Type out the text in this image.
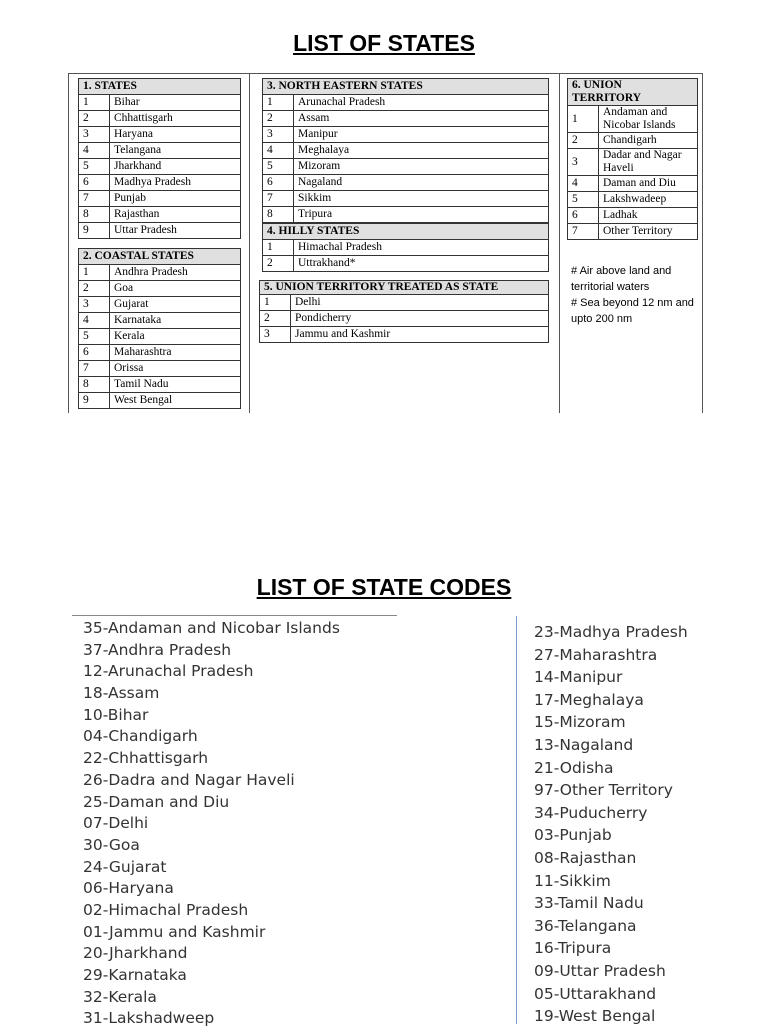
LIST OF STATES
1. STATES	
1	Bihar
2	Chhattisgarh
3	Haryana
4	Telangana
5	Jharkhand
6	Madhya Pradesh
7	Punjab
8	Rajasthan
9	Uttar Pradesh
2. COASTAL STATES	
1	Andhra Pradesh
2	Goa
3	Gujarat
4	Karnataka
5	Kerala
6	Maharashtra
7	Orissa
8	Tamil Nadu
9	West Bengal
3. NORTH EASTERN STATES	
1	Arunachal Pradesh
2	Assam
3	Manipur
4	Meghalaya
5	Mizoram
6	Nagaland
7	Sikkim
8	Tripura
4. HILLY STATES	
1	Himachal Pradesh
2	Uttrakhand*
5. UNION TERRITORY TREATED AS STATE	
1	Delhi
2	Pondicherry
3	Jammu and Kashmir
6. UNION TERRITORY	
1	Andaman and Nicobar Islands
2	Chandigarh
3	Dadar and Nagar Haveli
4	Daman and Diu
5	Lakshwadeep
6	Ladhak
7	Other Territory
# Air above land and territorial waters
# Sea beyond 12 nm and upto 200 nm
LIST OF STATE CODES
35-Andaman and Nicobar Islands
37-Andhra Pradesh
12-Arunachal Pradesh
18-Assam
10-Bihar
04-Chandigarh
22-Chhattisgarh
26-Dadra and Nagar Haveli
25-Daman and Diu
07-Delhi
30-Goa
24-Gujarat
06-Haryana
02-Himachal Pradesh
01-Jammu and Kashmir
20-Jharkhand
29-Karnataka
32-Kerala
31-Lakshadweep
23-Madhya Pradesh
27-Maharashtra
14-Manipur
17-Meghalaya
15-Mizoram
13-Nagaland
21-Odisha
97-Other Territory
34-Puducherry
03-Punjab
08-Rajasthan
11-Sikkim
33-Tamil Nadu
36-Telangana
16-Tripura
09-Uttar Pradesh
05-Uttarakhand
19-West Bengal
